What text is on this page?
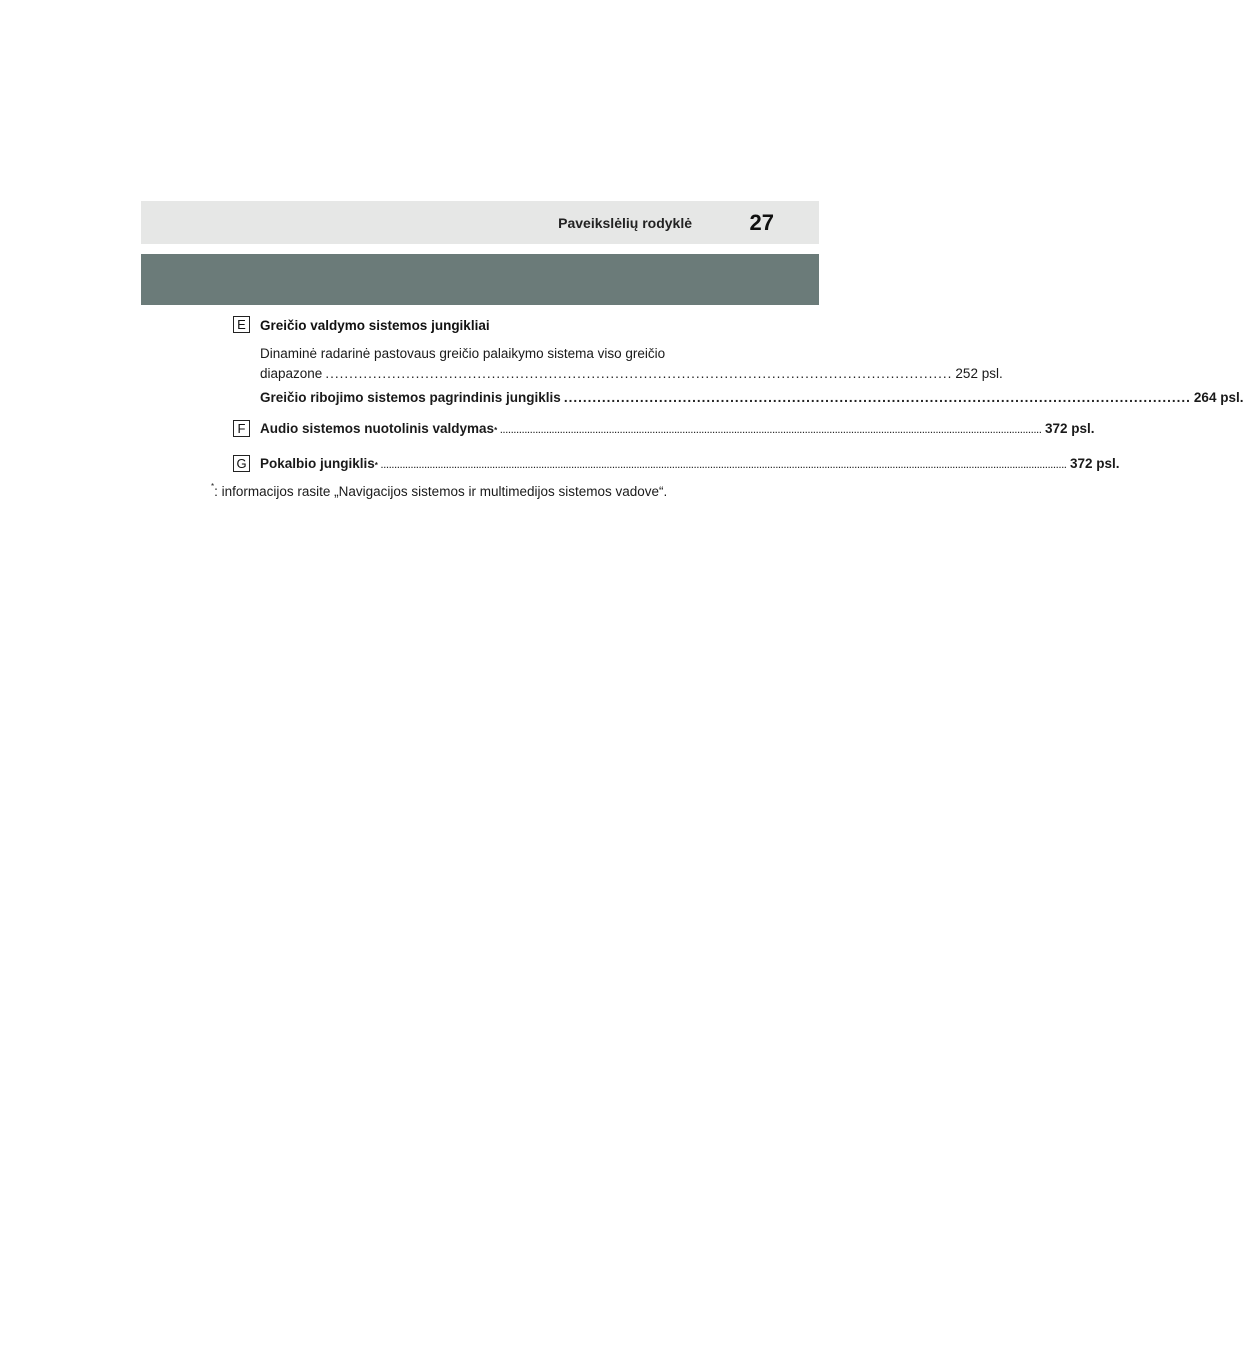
Paveikslėlių rodyklė	27
E	Greičio valdymo sistemos jungikliai
Dinaminė radarinė pastovaus greičio palaikymo sistema viso greičio
diapazone .................................................................................................................................... 252 psl.
Greičio ribojimo sistemos pagrindinis jungiklis .................................................................................................................................... 264 psl.
F	Audio sistemos nuotolinis valdymas * ....................................................................................................................................................................................................... 372 psl.
G Pokalbio jungiklis * ............................................................................................................................................................................................................................................................ 372 psl.
*: informacijos rasite „Navigacijos sistemos ir multimedijos sistemos vadove“.
